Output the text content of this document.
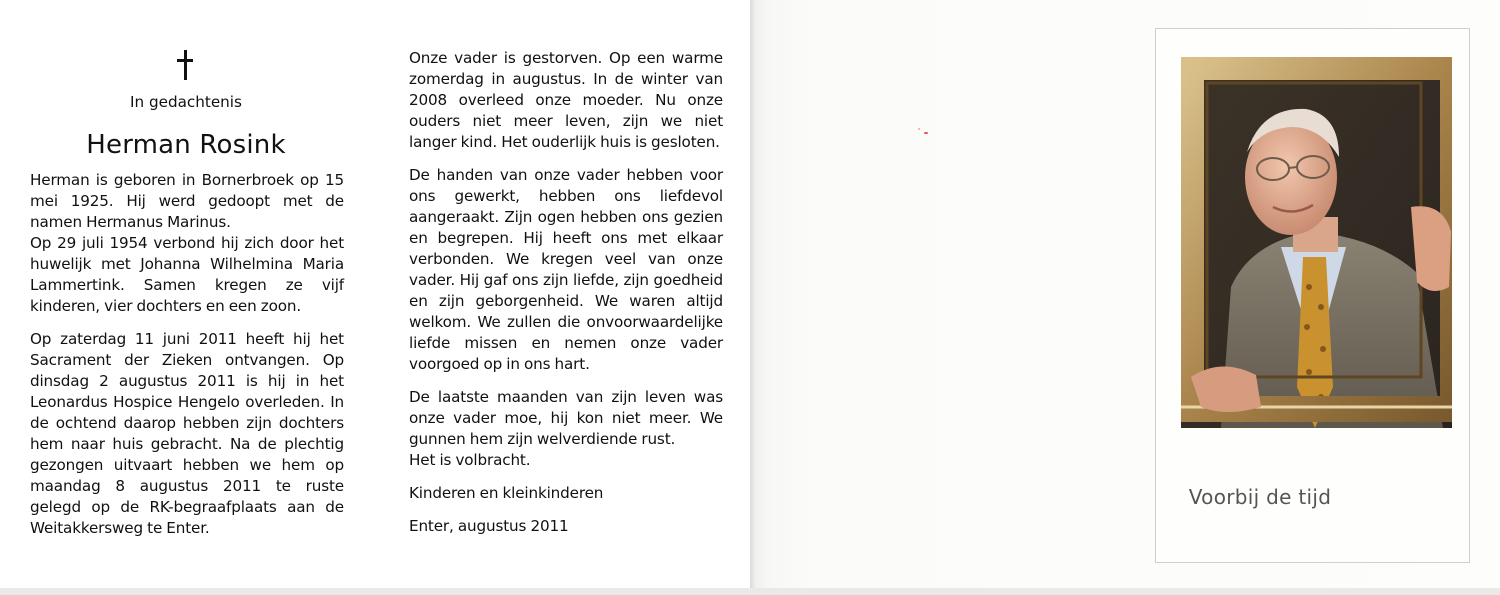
In gedachtenis
Herman Rosink

Herman is geboren in Bornerbroek op 15 mei 1925. Hij werd gedoopt met de namen Hermanus Marinus.

Op 29 juli 1954 verbond hij zich door het huwelijk met Johanna Wilhelmina Maria Lammertink. Samen kregen ze vijf kinderen, vier dochters en een zoon.

Op zaterdag 11 juni 2011 heeft hij het Sacrament der Zieken ontvangen. Op dinsdag 2 augustus 2011 is hij in het Leonardus Hospice Hengelo overleden. In de ochtend daarop hebben zijn dochters hem naar huis gebracht. Na de plechtig gezongen uitvaart hebben we hem op maandag 8 augustus 2011 te ruste gelegd op de RK-begraafplaats aan de Weitakkersweg te Enter.

Onze vader is gestorven. Op een warme zomerdag in augustus. In de winter van 2008 overleed onze moeder. Nu onze ouders niet meer leven, zijn we niet langer kind. Het ouderlijk huis is gesloten.

De handen van onze vader hebben voor ons gewerkt, hebben ons liefdevol aangeraakt. Zijn ogen hebben ons gezien en begrepen. Hij heeft ons met elkaar verbonden. We kregen veel van onze vader. Hij gaf ons zijn liefde, zijn goedheid en zijn geborgenheid. We waren altijd welkom. We zullen die onvoorwaardelijke liefde missen en nemen onze vader voorgoed op in ons hart.

De laatste maanden van zijn leven was onze vader moe, hij kon niet meer. We gunnen hem zijn welverdiende rust.

Het is volbracht.

Kinderen en kleinkinderen

Enter, augustus 2011

Voorbij de tijd
